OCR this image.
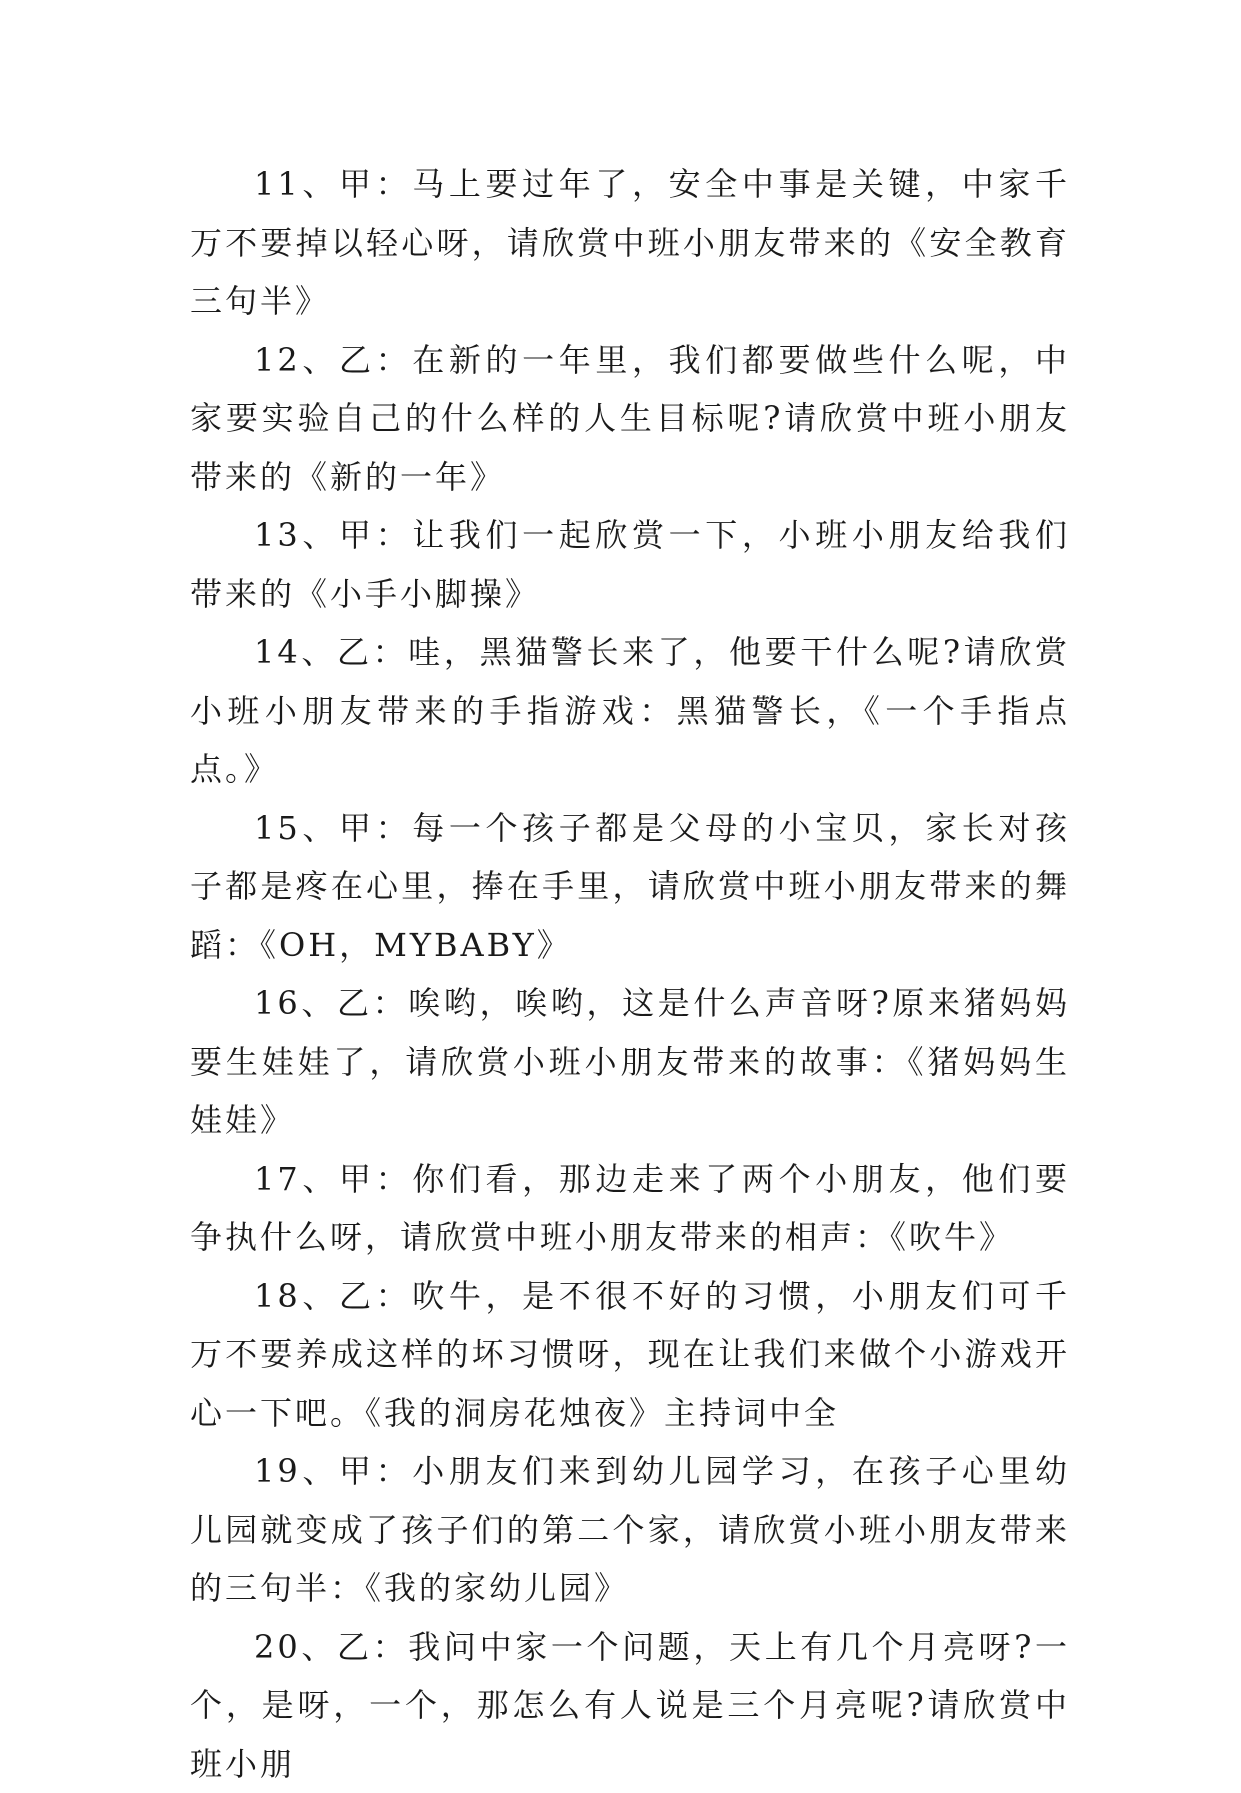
11、甲：马上要过年了，安全中事是关键，中家千万不要掉以轻心呀，请欣赏中班小朋友带来的《安全教育三句半》

12、乙：在新的一年里，我们都要做些什么呢，中家要实验自己的什么样的人生目标呢?请欣赏中班小朋友带来的《新的一年》

13、甲：让我们一起欣赏一下，小班小朋友给我们带来的《小手小脚操》

14、乙：哇，黑猫警长来了，他要干什么呢?请欣赏小班小朋友带来的手指游戏：黑猫警长，《一个手指点点。》

15、甲：每一个孩子都是父母的小宝贝，家长对孩子都是疼在心里，捧在手里，请欣赏中班小朋友带来的舞蹈：《OH，MYBABY》

16、乙：唉哟，唉哟，这是什么声音呀?原来猪妈妈要生娃娃了，请欣赏小班小朋友带来的故事：《猪妈妈生娃娃》

17、甲：你们看，那边走来了两个小朋友，他们要争执什么呀，请欣赏中班小朋友带来的相声：《吹牛》

18、乙：吹牛，是不很不好的习惯，小朋友们可千万不要养成这样的坏习惯呀，现在让我们来做个小游戏开心一下吧。《我的洞房花烛夜》主持词中全

19、甲：小朋友们来到幼儿园学习，在孩子心里幼儿园就变成了孩子们的第二个家，请欣赏小班小朋友带来的三句半：《我的家幼儿园》

20、乙：我问中家一个问题，天上有几个月亮呀?一个，是呀，一个，那怎么有人说是三个月亮呢?请欣赏中班小朋
